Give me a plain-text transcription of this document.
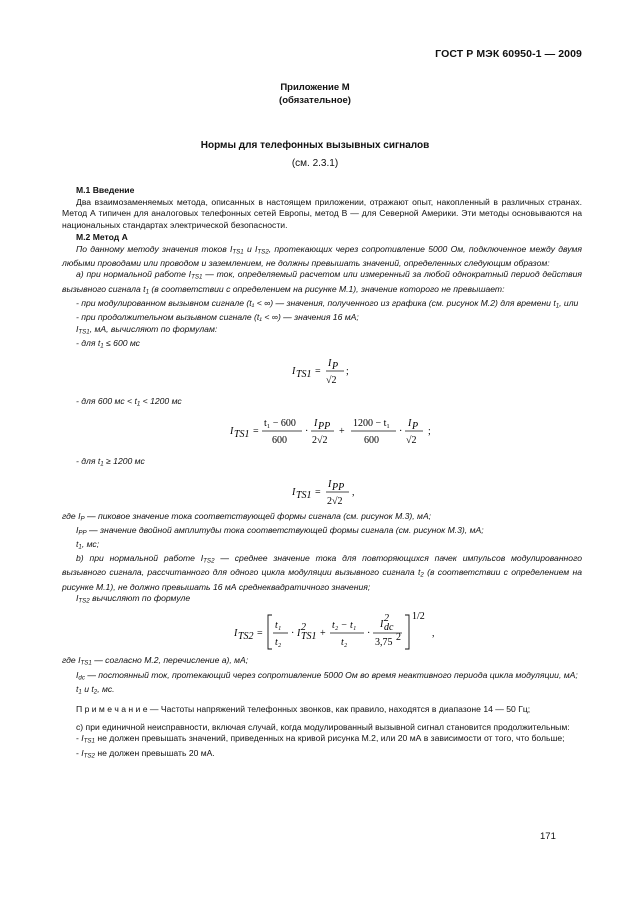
ГОСТ Р МЭК 60950-1 — 2009
Приложение М
(обязательное)
Нормы для телефонных вызывных сигналов
(см. 2.3.1)
М.1 Введение

Два взаимозаменяемых метода, описанных в настоящем приложении, отражают опыт, накопленный в различных странах. Метод А типичен для аналоговых телефонных сетей Европы, метод В — для Северной Америки. Эти методы основываются на национальных стандартах электрической безопасности.

М.2 Метод А

По данному методу значения токов $I_{TS1}$ и $I_{TS2}$, протекающих через сопротивление 5000 Ом, подключенное между двумя любыми проводами или проводом и заземлением, не должны превышать значений, определенных следующим образом:

а) при нормальной работе $I_{TS1}$ — ток, определяемый расчетом или измеренный за любой однократный период действия вызывного сигнала $t_1$ (в соответствии с определением на рисунке М.1), значение которого не превышает:

- при модулированном вызывном сигнале (t₁ < ∞) — значения, полученного из графика (см. рисунок М.2) для времени $t_1$, или

- при продолжительном вызывном сигнале (t₁ < ∞) — значения 16 мА;

$I_{TS1}$, мА, вычисляют по формулам:

- для $t_1 \le 600$ мс

I TS1 =
I P
√2
;

- для 600 мс < $t_1 < 1200$ мс

I TS1 =
t₁ − 600
600
·
I PP
2√2
+
1200 − t₁
600
·
I P
√2
;

- для $t_1 \ge 1200$ мс

I TS1 =
I PP
2√2
,

где $I_P$ — пиковое значение тока соответствующей формы сигнала (см. рисунок М.3), мА;

$I_{PP}$ — значение двойной амплитуды тока соответствующей формы сигнала (см. рисунок М.3), мА;

$t_1$, мс;

b) при нормальной работе $I_{TS2}$ — среднее значение тока для повторяющихся пачек импульсов модулированного вызывного сигнала, рассчитанного для одного цикла модуляции вызывного сигнала $t_2$ (в соответствии с определением на рисунке М.1), не должно превышать 16 мА среднеквадратичного значения;

$I_{TS2}$ вычисляют по формуле

I TS2 =
t₁
t₂
· I
2
TS1 +
t₂ − t₁
t₂
·
I
2
dc
3,75 2
1/2
,

где $I_{TS1}$ — согласно М.2, перечисление а), мА;

$I_{dc}$ — постоянный ток, протекающий через сопротивление 5000 Ом во время неактивного периода цикла модуляции, мА;

$t_1$ и $t_2$, мс.

П р и м е ч а н и е — Частоты напряжений телефонных звонков, как правило, находятся в диапазоне 14 — 50 Гц;

с) при единичной неисправности, включая случай, когда модулированный вызывной сигнал становится продолжительным:

- $I_{TS1}$ не должен превышать значений, приведенных на кривой рисунка М.2, или 20 мА в зависимости от того, что больше;

- $I_{TS2}$ не должен превышать 20 мА.

171
